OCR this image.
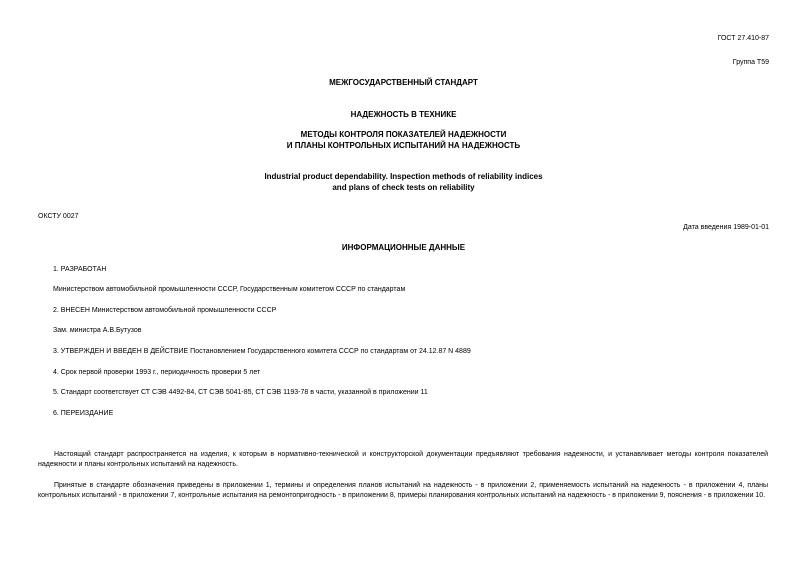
ГОСТ 27.410-87
Группа Т59
МЕЖГОСУДАРСТВЕННЫЙ СТАНДАРТ
НАДЕЖНОСТЬ В ТЕХНИКЕ
МЕТОДЫ КОНТРОЛЯ ПОКАЗАТЕЛЕЙ НАДЕЖНОСТИ
И ПЛАНЫ КОНТРОЛЬНЫХ ИСПЫТАНИЙ НА НАДЕЖНОСТЬ
Industrial product dependability. Inspection methods of reliability indices
and plans of check tests on reliability
ОКСТУ 0027
Дата введения 1989-01-01
ИНФОРМАЦИОННЫЕ ДАННЫЕ
1. РАЗРАБОТАН
Министерством автомобильной промышленности СССР, Государственным комитетом СССР по стандартам
2. ВНЕСЕН Министерством автомобильной промышленности СССР
Зам. министра А.В.Бутузов
3. УТВЕРЖДЕН И ВВЕДЕН В ДЕЙСТВИЕ Постановлением Государственного комитета СССР по стандартам от 24.12.87 N 4889
4. Срок первой проверки 1993 г., периодичность проверки 5 лет
5. Стандарт соответствует СТ СЭВ 4492-84, СТ СЭВ 5041-85, СТ СЭВ 1193-78 в части, указанной в приложении 11
6. ПЕРЕИЗДАНИЕ
Настоящий стандарт распространяется на изделия, к которым в нормативно-технической и конструкторской документации предъявляют требования надежности, и устанавливает методы контроля показателей надежности и планы контрольных испытаний на надежность.
Принятые в стандарте обозначения приведены в приложении 1, термины и определения планов испытаний на надежность - в приложении 2, применяемость испытаний на надежность - в приложении 4, планы контрольных испытаний - в приложении 7, контрольные испытания на ремонтопригодность - в приложении 8, примеры планирования контрольных испытаний на надежность - в приложении 9, пояснения - в приложении 10.
